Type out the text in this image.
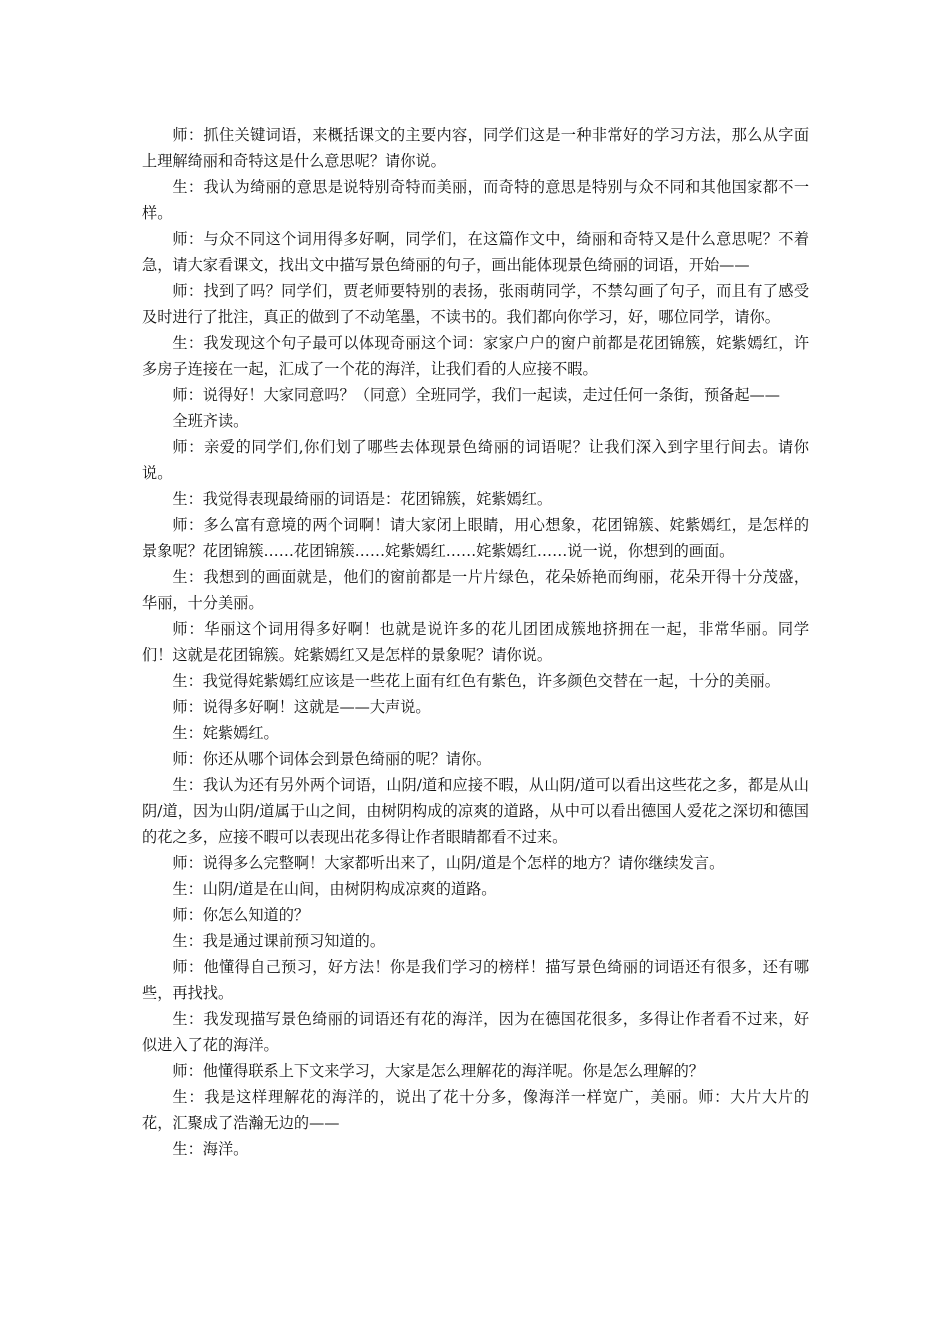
师：抓住关键词语，来概括课文的主要内容，同学们这是一种非常好的学习方法，那么从字面上理解绮丽和奇特这是什么意思呢？请你说。

生：我认为绮丽的意思是说特别奇特而美丽，而奇特的意思是特别与众不同和其他国家都不一样。

师：与众不同这个词用得多好啊，同学们，在这篇作文中，绮丽和奇特又是什么意思呢？不着急，请大家看课文，找出文中描写景色绮丽的句子，画出能体现景色绮丽的词语，开始——

师：找到了吗？同学们，贾老师要特别的表扬，张雨萌同学，不禁勾画了句子，而且有了感受及时进行了批注，真正的做到了不动笔墨，不读书的。我们都向你学习，好，哪位同学，请你。

生：我发现这个句子最可以体现奇丽这个词：家家户户的窗户前都是花团锦簇，姹紫嫣红，许多房子连接在一起，汇成了一个花的海洋，让我们看的人应接不暇。

师：说得好！大家同意吗？（同意）全班同学，我们一起读，走过任何一条街，预备起——

全班齐读。

师：亲爱的同学们,你们划了哪些去体现景色绮丽的词语呢？让我们深入到字里行间去。请你说。

生：我觉得表现最绮丽的词语是：花团锦簇，姹紫嫣红。

师：多么富有意境的两个词啊！请大家闭上眼睛，用心想象，花团锦簇、姹紫嫣红，是怎样的景象呢？花团锦簇……花团锦簇……姹紫嫣红……姹紫嫣红……说一说，你想到的画面。

生：我想到的画面就是，他们的窗前都是一片片绿色，花朵娇艳而绚丽，花朵开得十分茂盛，华丽，十分美丽。

师：华丽这个词用得多好啊！也就是说许多的花儿团团成簇地挤拥在一起，非常华丽。同学们！这就是花团锦簇。姹紫嫣红又是怎样的景象呢？请你说。

生：我觉得姹紫嫣红应该是一些花上面有红色有紫色，许多颜色交替在一起，十分的美丽。

师：说得多好啊！这就是——大声说。

生：姹紫嫣红。

师：你还从哪个词体会到景色绮丽的呢？请你。

生：我认为还有另外两个词语，山阴/道和应接不暇，从山阴/道可以看出这些花之多，都是从山阴/道，因为山阴/道属于山之间，由树阴构成的凉爽的道路，从中可以看出德国人爱花之深切和德国的花之多，应接不暇可以表现出花多得让作者眼睛都看不过来。

师：说得多么完整啊！大家都听出来了，山阴/道是个怎样的地方？请你继续发言。

生：山阴/道是在山间，由树阴构成凉爽的道路。

师：你怎么知道的？

生：我是通过课前预习知道的。

师：他懂得自己预习，好方法！你是我们学习的榜样！描写景色绮丽的词语还有很多，还有哪些，再找找。

生：我发现描写景色绮丽的词语还有花的海洋，因为在德国花很多，多得让作者看不过来，好似进入了花的海洋。

师：他懂得联系上下文来学习，大家是怎么理解花的海洋呢。你是怎么理解的？

生：我是这样理解花的海洋的，说出了花十分多，像海洋一样宽广，美丽。师：大片大片的花，汇聚成了浩瀚无边的——

生：海洋。
